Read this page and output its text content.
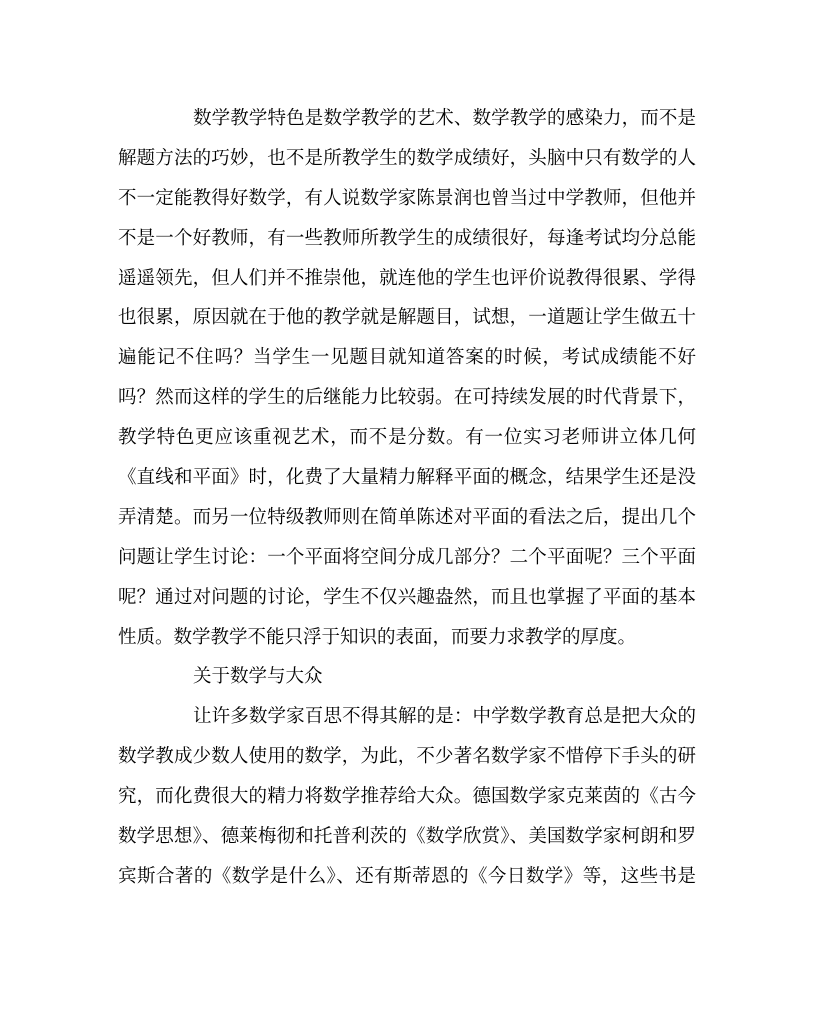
数学教学特色是数学教学的艺术、数学教学的感染力，而不是
解题方法的巧妙，也不是所教学生的数学成绩好，头脑中只有数学的人
不一定能教得好数学，有人说数学家陈景润也曾当过中学教师，但他并
不是一个好教师，有一些教师所教学生的成绩很好，每逢考试均分总能
遥遥领先，但人们并不推崇他，就连他的学生也评价说教得很累、学得
也很累，原因就在于他的教学就是解题目，试想，一道题让学生做五十
遍能记不住吗？当学生一见题目就知道答案的时候，考试成绩能不好
吗？然而这样的学生的后继能力比较弱。在可持续发展的时代背景下，
教学特色更应该重视艺术，而不是分数。有一位实习老师讲立体几何
《直线和平面》时，化费了大量精力解释平面的概念，结果学生还是没
弄清楚。而另一位特级教师则在简单陈述对平面的看法之后，提出几个
问题让学生讨论：一个平面将空间分成几部分？二个平面呢？三个平面
呢？通过对问题的讨论，学生不仅兴趣盎然，而且也掌握了平面的基本
性质。数学教学不能只浮于知识的表面，而要力求教学的厚度。
关于数学与大众
让许多数学家百思不得其解的是：中学数学教育总是把大众的
数学教成少数人使用的数学，为此，不少著名数学家不惜停下手头的研
究，而化费很大的精力将数学推荐给大众。德国数学家克莱茵的《古今
数学思想》、德莱梅彻和托普利茨的《数学欣赏》、美国数学家柯朗和罗
宾斯合著的《数学是什么》、还有斯蒂恩的《今日数学》等，这些书是
